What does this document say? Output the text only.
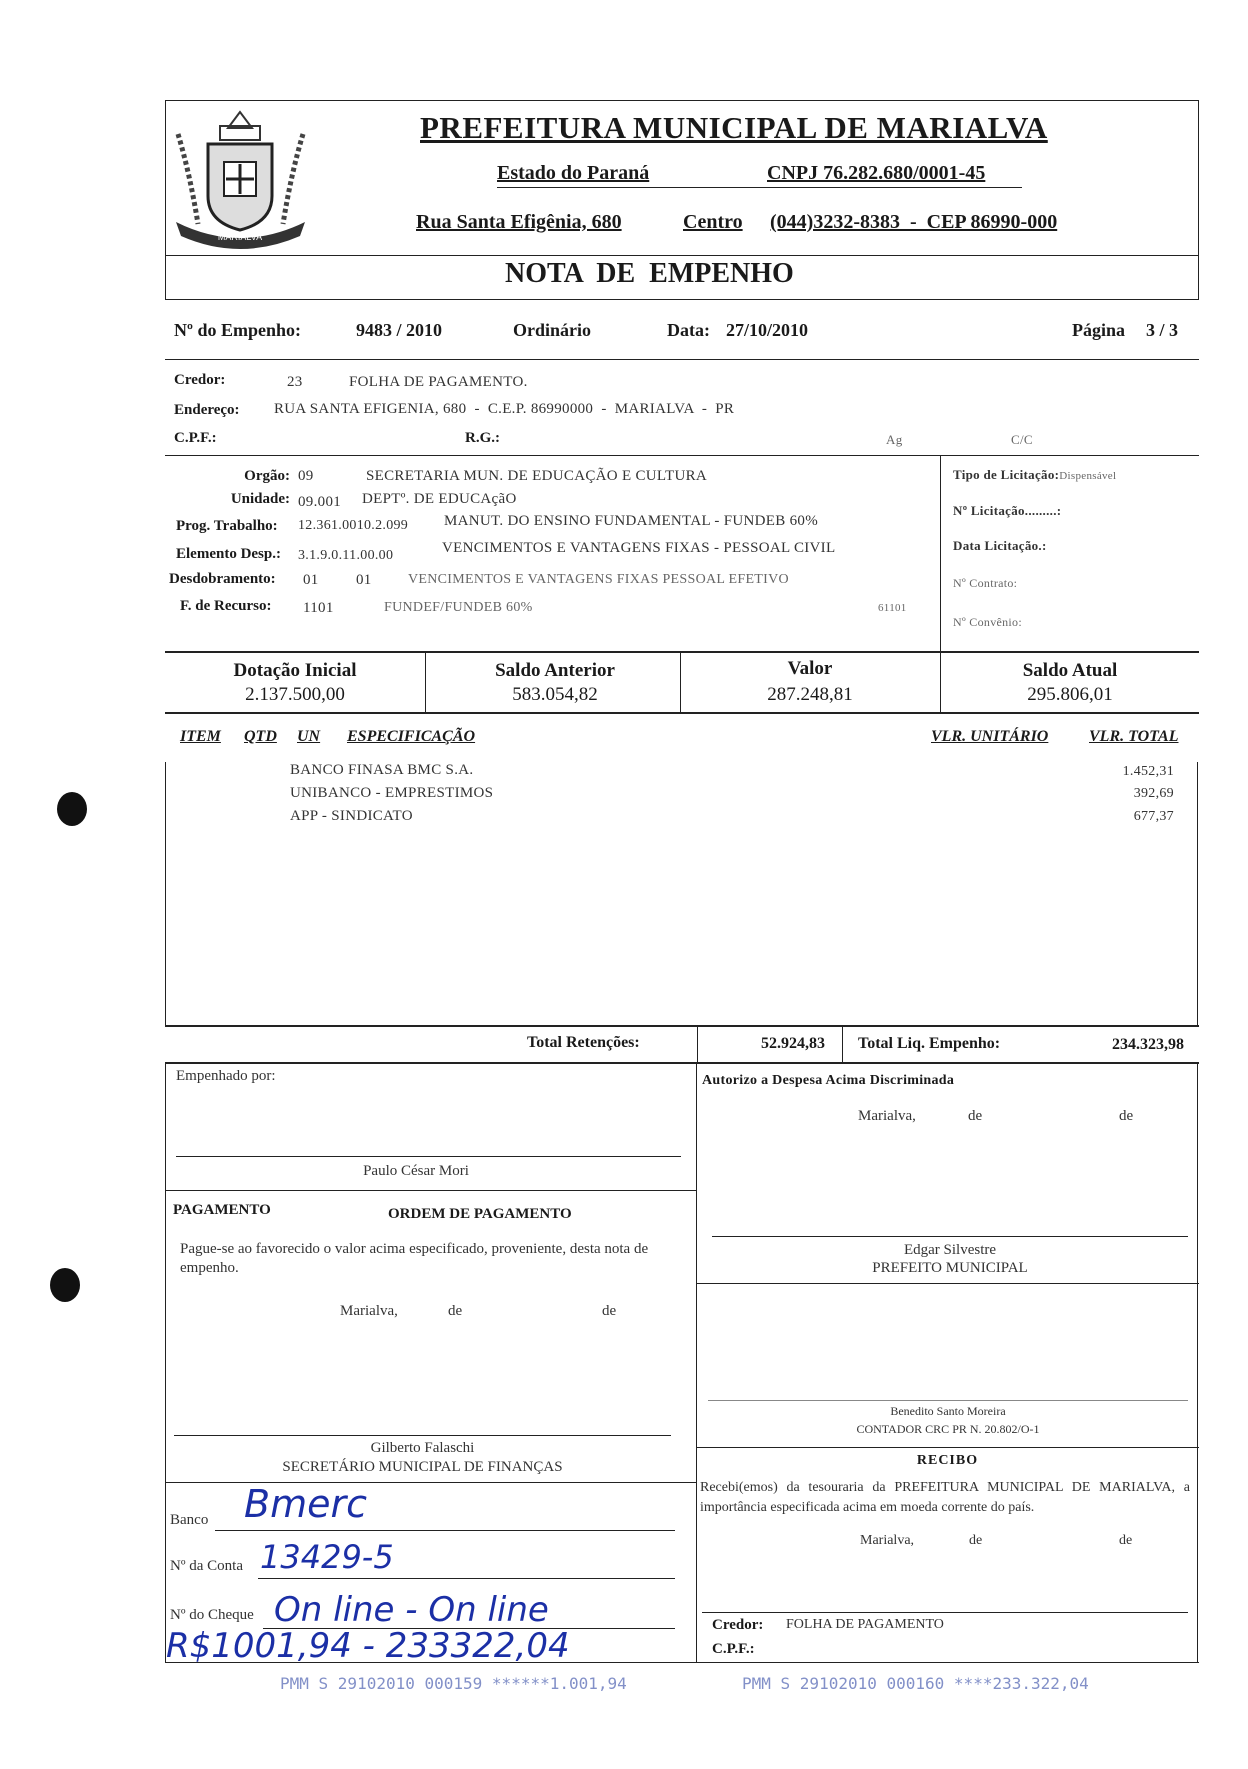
MARIALVA
PREFEITURA MUNICIPAL DE MARIALVA
Estado do Paraná	CNPJ 76.282.680/0001-45
Rua Santa Efigênia, 680	Centro (044)3232-8383  -  CEP 86990-000
NOTA  DE  EMPENHO
Nº do Empenho:	9483 / 2010	Ordinário	Data: 27/10/2010	Página 3 / 3
Credor:	23	FOLHA DE PAGAMENTO.
Endereço: RUA SANTA EFIGENIA, 680  -  C.E.P. 86990000  -  MARIALVA  -  PR
C.P.F.:	R.G.:	Ag	C/C
Orgão: 09	SECRETARIA MUN. DE EDUCAÇÃO E CULTURA
Unidade: 09.001 DEPTº. DE EDUCAçãO
Prog. Trabalho: 12.361.0010.2.099 MANUT. DO ENSINO FUNDAMENTAL - FUNDEB 60%
Elemento Desp.: 3.1.9.0.11.00.00	VENCIMENTOS E VANTAGENS FIXAS - PESSOAL CIVIL
Desdobramento: 01 01	VENCIMENTOS E VANTAGENS FIXAS PESSOAL EFETIVO
F. de Recurso: 1101	FUNDEF/FUNDEB 60%	61101
Tipo de Licitação:Dispensável
Nº Licitação.........:
Data Licitação.:
Nº Contrato:
Nº Convênio:
Dotação Inicial
2.137.500,00
Saldo Anterior
583.054,82
Valor
287.248,81
Saldo Atual
295.806,01
ITEM QTD UN ESPECIFICAÇÃO	VLR. UNITÁRIO	VLR. TOTAL
BANCO FINASA BMC S.A.	1.452,31
UNIBANCO - EMPRESTIMOS	392,69
APP - SINDICATO	677,37
Total Retenções:	52.924,83 Total Liq. Empenho:	234.323,98
Empenhado por:
Paulo César Mori
Autorizo a Despesa Acima Discriminada
Marialva,	de	de
Edgar Silvestre
PREFEITO MUNICIPAL
Benedito Santo Moreira
CONTADOR CRC PR N. 20.802/O-1
PAGAMENTO	ORDEM DE PAGAMENTO
Pague-se ao favorecido o valor acima especificado, proveniente, desta nota de empenho.
Marialva,	de	de
Gilberto Falaschi
SECRETÁRIO MUNICIPAL DE FINANÇAS
Banco Bmerc
Nº da Conta 13429-5
Nº do Cheque On line - On line
R$1001,94 - 233322,04
RECIBO
Recebi(emos) da tesouraria da PREFEITURA MUNICIPAL DE MARIALVA, a importância especificada acima em moeda corrente do país.
Marialva,	de	de
Credor: FOLHA DE PAGAMENTO
C.P.F.:
PMM S 29102010 000159 ******1.001,94	PMM S 29102010 000160 ****233.322,04
